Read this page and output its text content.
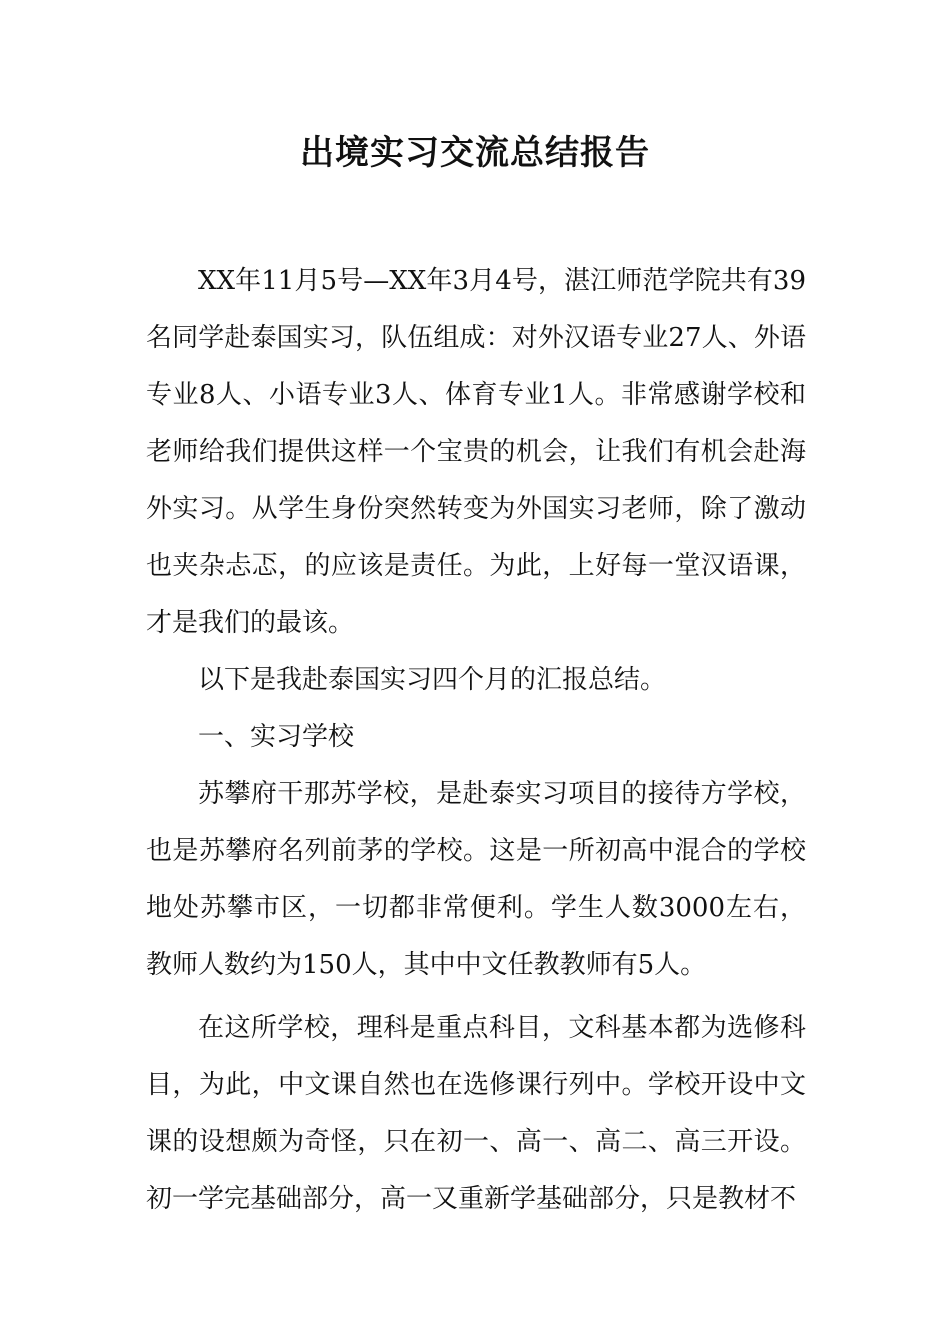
出境实习交流总结报告

XX年11月5号—XX年3月4号，湛江师范学院共有39名同学赴泰国实习，队伍组成：对外汉语专业27人、外语专业8人、小语专业3人、体育专业1人。非常感谢学校和老师给我们提供这样一个宝贵的机会，让我们有机会赴海外实习。从学生身份突然转变为外国实习老师，除了激动也夹杂忐忑，的应该是责任。为此，上好每一堂汉语课，才是我们的最该。

以下是我赴泰国实习四个月的汇报总结。

一、实习学校

苏攀府干那苏学校，是赴泰实习项目的接待方学校，也是苏攀府名列前茅的学校。这是一所初高中混合的学校地处苏攀市区，一切都非常便利。学生人数3000左右，教师人数约为150人，其中中文任教教师有5人。

在这所学校，理科是重点科目，文科基本都为选修科目，为此，中文课自然也在选修课行列中。学校开设中文课的设想颇为奇怪，只在初一、高一、高二、高三开设。初一学完基础部分，高一又重新学基础部分，只是教材不
